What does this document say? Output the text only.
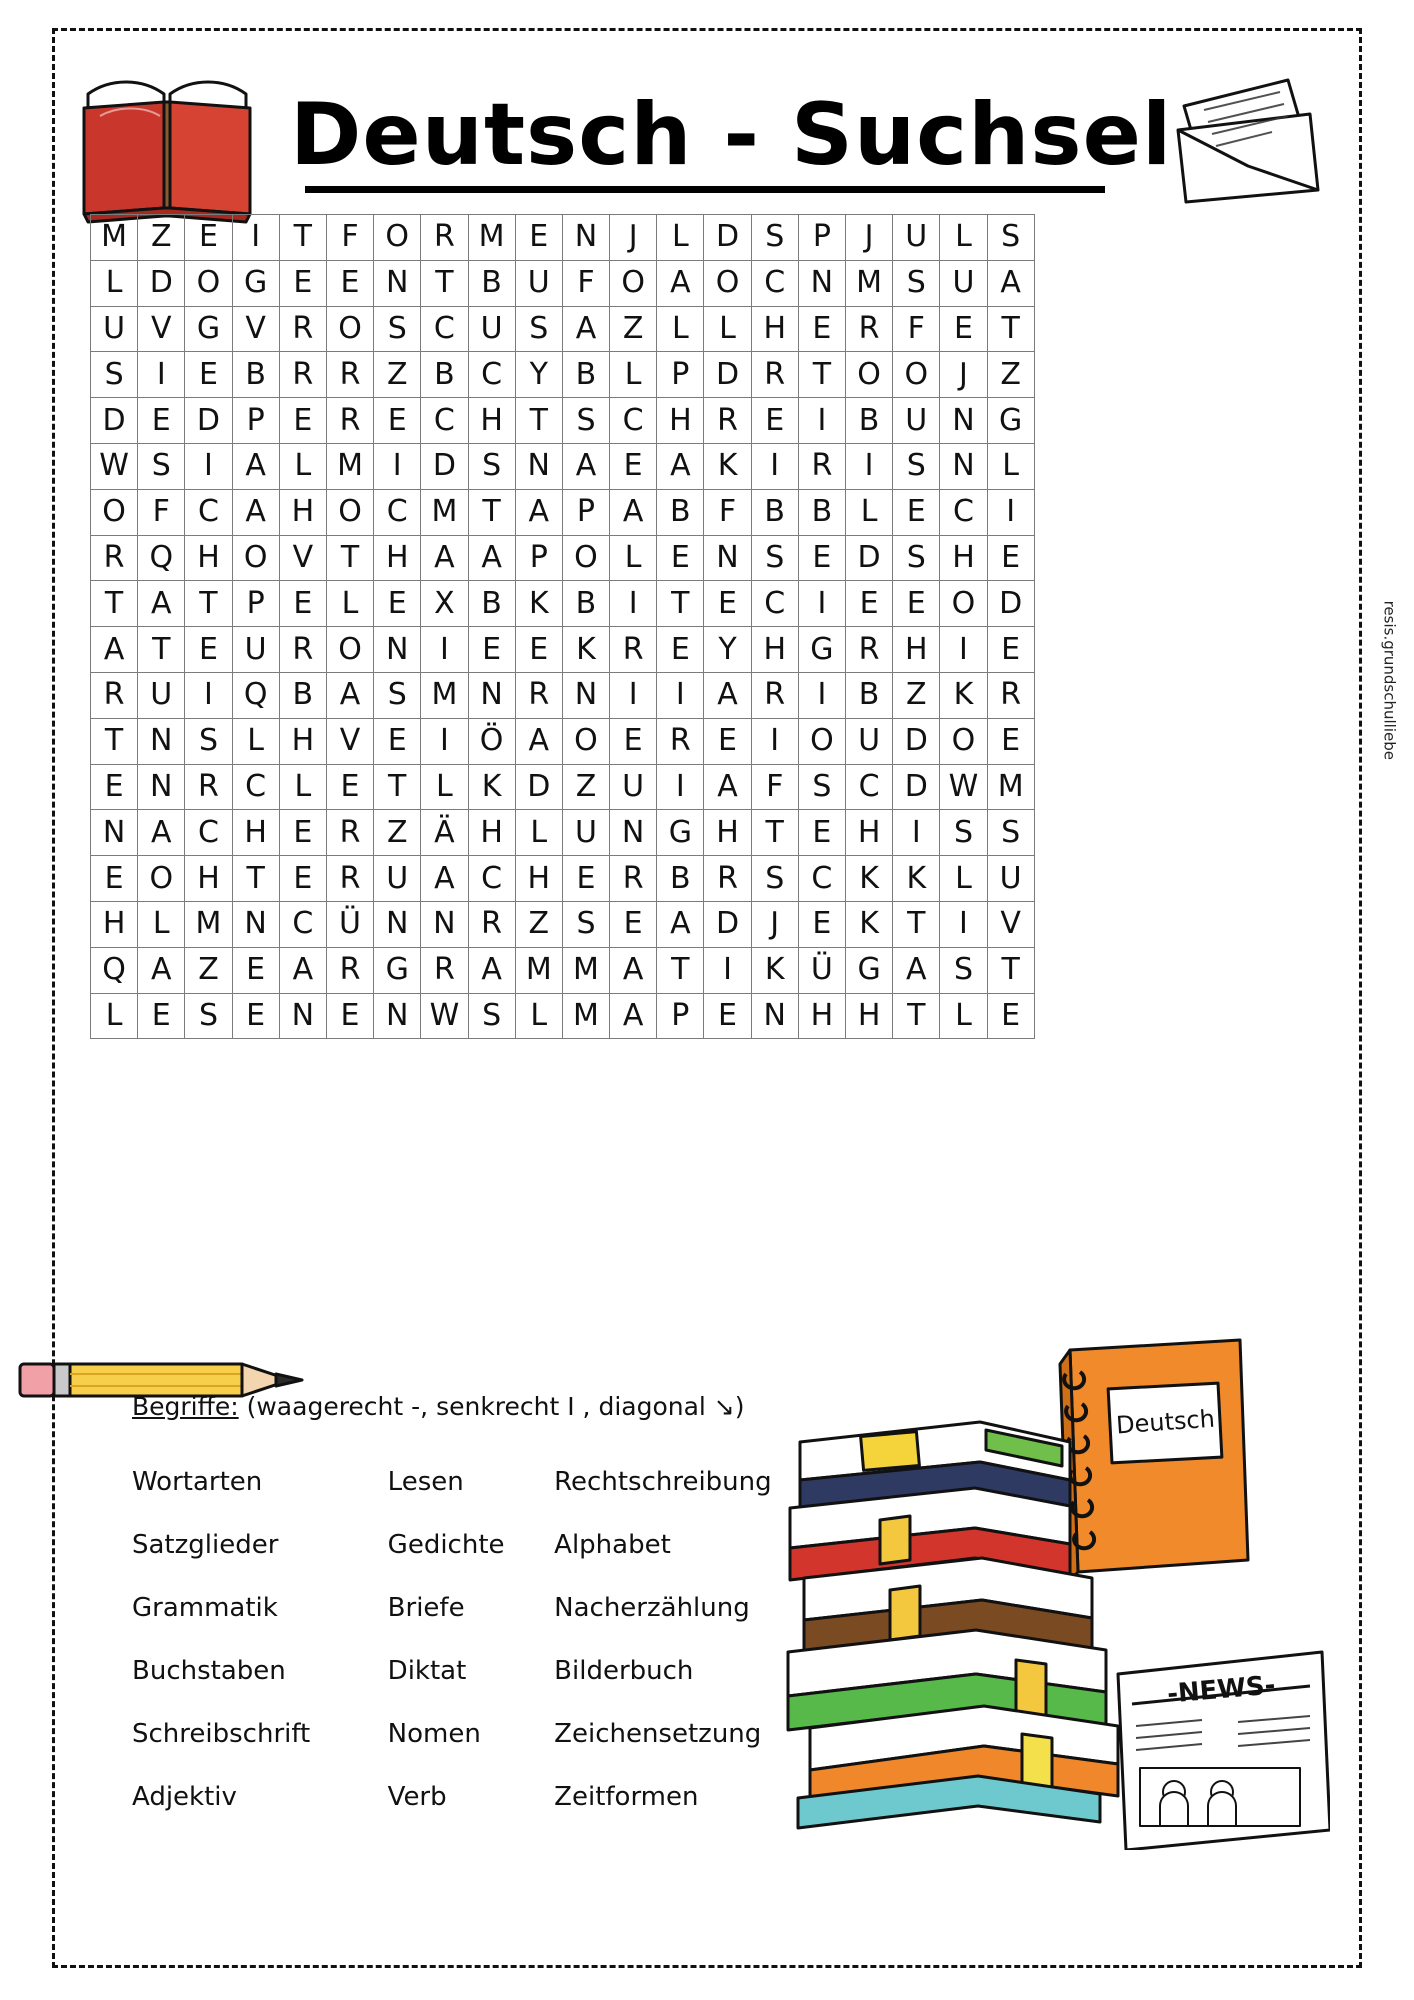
Deutsch - Suchsel
M	Z	E	I	T	F	O	R	M	E	N	J	L	D	S	P	J	U	L	S
L	D	O	G	E	E	N	T	B	U	F	O	A	O	C	N	M	S	U	A
U	V	G	V	R	O	S	C	U	S	A	Z	L	L	H	E	R	F	E	T
S	I	E	B	R	R	Z	B	C	Y	B	L	P	D	R	T	O	O	J	Z
D	E	D	P	E	R	E	C	H	T	S	C	H	R	E	I	B	U	N	G
W	S	I	A	L	M	I	D	S	N	A	E	A	K	I	R	I	S	N	L
O	F	C	A	H	O	C	M	T	A	P	A	B	F	B	B	L	E	C	I
R	Q	H	O	V	T	H	A	A	P	O	L	E	N	S	E	D	S	H	E
T	A	T	P	E	L	E	X	B	K	B	I	T	E	C	I	E	E	O	D
A	T	E	U	R	O	N	I	E	E	K	R	E	Y	H	G	R	H	I	E
R	U	I	Q	B	A	S	M	N	R	N	I	I	A	R	I	B	Z	K	R
T	N	S	L	H	V	E	I	Ö	A	O	E	R	E	I	O	U	D	O	E
E	N	R	C	L	E	T	L	K	D	Z	U	I	A	F	S	C	D	W	M
N	A	C	H	E	R	Z	Ä	H	L	U	N	G	H	T	E	H	I	S	S
E	O	H	T	E	R	U	A	C	H	E	R	B	R	S	C	K	K	L	U
H	L	M	N	C	Ü	N	N	R	Z	S	E	A	D	J	E	K	T	I	V
Q	A	Z	E	A	R	G	R	A	M	M	A	T	I	K	Ü	G	A	S	T
L	E	S	E	N	E	N	W	S	L	M	A	P	E	N	H	H	T	L	E
resis.grundschulliebe
Begriffe: (waagerecht -, senkrecht I , diagonal ↘)
Wortarten	Lesen	Rechtschreibung
Satzglieder	Gedichte	Alphabet
Grammatik	Briefe	Nacherzählung
Buchstaben	Diktat	Bilderbuch
Schreibschrift	Nomen	Zeichensetzung
Adjektiv	Verb	Zeitformen
Deutsch
-NEWS-
